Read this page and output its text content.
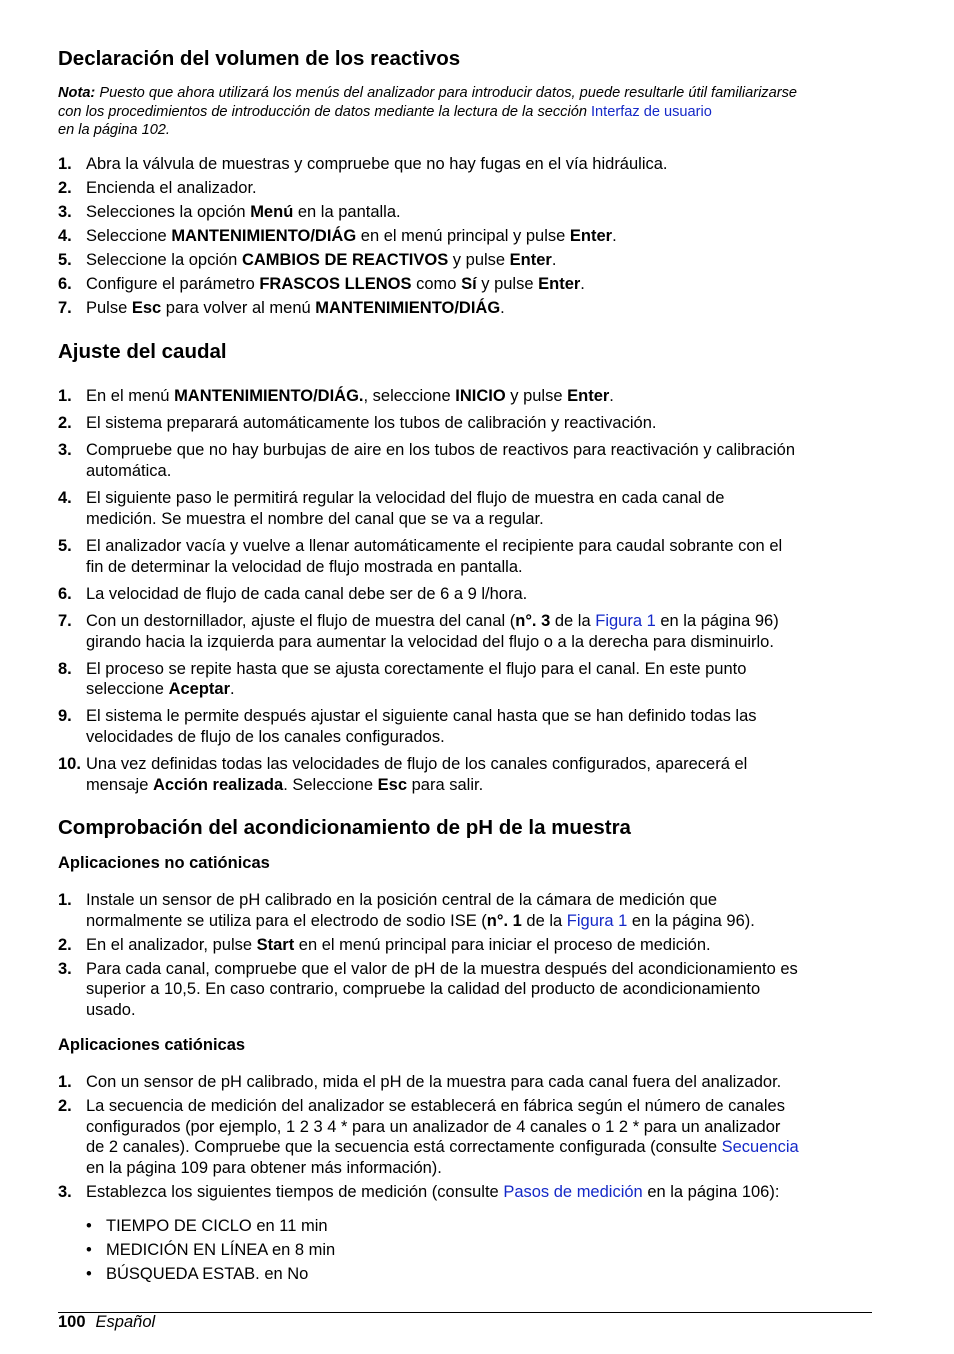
Declaración del volumen de los reactivos
Nota: Puesto que ahora utilizará los menús del analizador para introducir datos, puede resultarle útil familiarizarse
con los procedimientos de introducción de datos mediante la lectura de la sección Interfaz de usuario
en la página 102.
1. Abra la válvula de muestras y compruebe que no hay fugas en el vía hidráulica.
2. Encienda el analizador.
3. Selecciones la opción Menú en la pantalla.
4. Seleccione MANTENIMIENTO/DIÁG en el menú principal y pulse Enter.
5. Seleccione la opción CAMBIOS DE REACTIVOS y pulse Enter.
6. Configure el parámetro FRASCOS LLENOS como Sí y pulse Enter.
7. Pulse Esc para volver al menú MANTENIMIENTO/DIÁG.
Ajuste del caudal
1. En el menú MANTENIMIENTO/DIÁG., seleccione INICIO y pulse Enter.
2. El sistema preparará automáticamente los tubos de calibración y reactivación.
3. Compruebe que no hay burbujas de aire en los tubos de reactivos para reactivación y calibración
automática.
4. El siguiente paso le permitirá regular la velocidad del flujo de muestra en cada canal de
medición. Se muestra el nombre del canal que se va a regular.
5. El analizador vacía y vuelve a llenar automáticamente el recipiente para caudal sobrante con el
fin de determinar la velocidad de flujo mostrada en pantalla.
6. La velocidad de flujo de cada canal debe ser de 6 a 9 l/hora.
7. Con un destornillador, ajuste el flujo de muestra del canal (n°. 3 de la Figura 1 en la página 96)
girando hacia la izquierda para aumentar la velocidad del flujo o a la derecha para disminuirlo.
8. El proceso se repite hasta que se ajusta corectamente el flujo para el canal. En este punto
seleccione Aceptar.
9. El sistema le permite después ajustar el siguiente canal hasta que se han definido todas las
velocidades de flujo de los canales configurados.
10. Una vez definidas todas las velocidades de flujo de los canales configurados, aparecerá el
mensaje Acción realizada. Seleccione Esc para salir.
Comprobación del acondicionamiento de pH de la muestra
Aplicaciones no catiónicas
1. Instale un sensor de pH calibrado en la posición central de la cámara de medición que
normalmente se utiliza para el electrodo de sodio ISE (n°. 1 de la Figura 1 en la página 96).
2. En el analizador, pulse Start en el menú principal para iniciar el proceso de medición.
3. Para cada canal, compruebe que el valor de pH de la muestra después del acondicionamiento es
superior a 10,5. En caso contrario, compruebe la calidad del producto de acondicionamiento
usado.
Aplicaciones catiónicas
1. Con un sensor de pH calibrado, mida el pH de la muestra para cada canal fuera del analizador.
2. La secuencia de medición del analizador se establecerá en fábrica según el número de canales
configurados (por ejemplo, 1 2 3 4 * para un analizador de 4 canales o 1 2 * para un analizador
de 2 canales). Compruebe que la secuencia está correctamente configurada (consulte Secuencia
en la página 109 para obtener más información).
3. Establezca los siguientes tiempos de medición (consulte Pasos de medición en la página 106):
• TIEMPO DE CICLO en 11 min
• MEDICIÓN EN LÍNEA en 8 min
• BÚSQUEDA ESTAB. en No
100 Español
